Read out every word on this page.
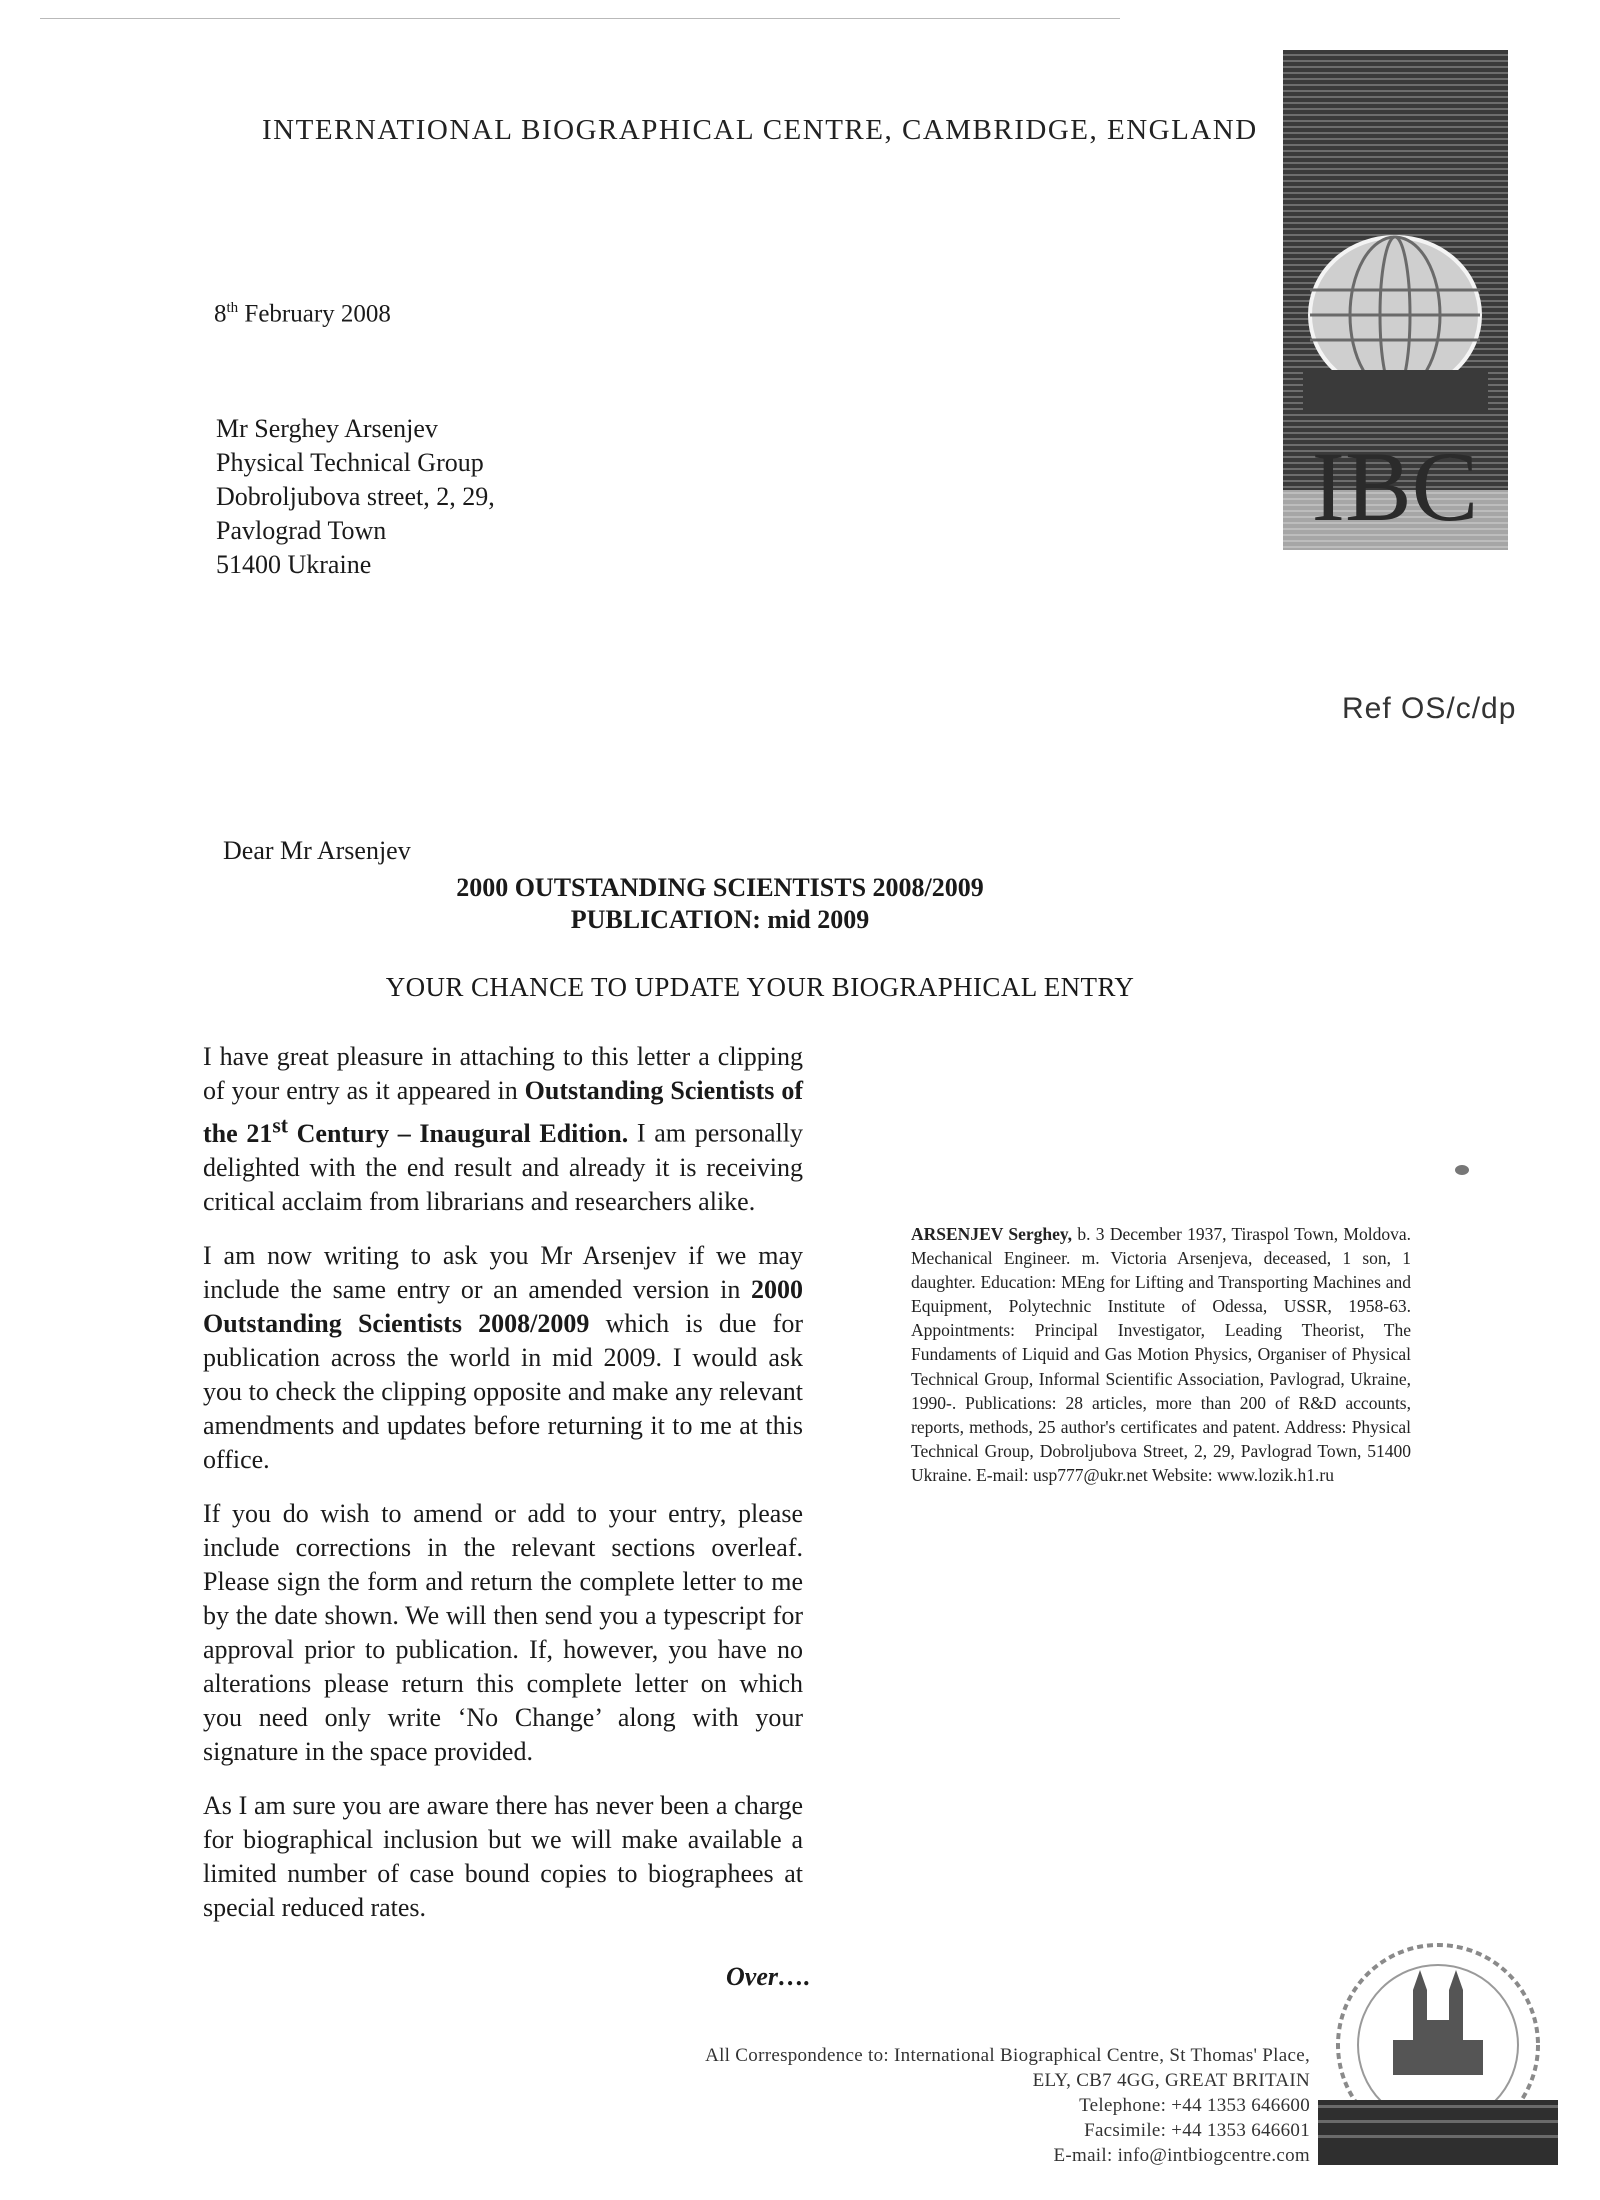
INTERNATIONAL BIOGRAPHICAL CENTRE, CAMBRIDGE, ENGLAND
8th February 2008
Mr Serghey Arsenjev
Physical Technical Group
Dobroljubova street, 2, 29,
Pavlograd Town
51400 Ukraine
IBC
Ref OS/c/dp
Dear Mr Arsenjev
2000 OUTSTANDING SCIENTISTS 2008/2009
PUBLICATION: mid 2009
YOUR CHANCE TO UPDATE YOUR BIOGRAPHICAL ENTRY

I have great pleasure in attaching to this letter a clipping of your entry as it appeared in Outstanding Scientists of the 21st Century – Inaugural Edition. I am personally delighted with the end result and already it is receiving critical acclaim from librarians and researchers alike.

I am now writing to ask you Mr Arsenjev if we may include the same entry or an amended version in 2000 Outstanding Scientists 2008/2009 which is due for publication across the world in mid 2009. I would ask you to check the clipping opposite and make any relevant amendments and updates before returning it to me at this office.

If you do wish to amend or add to your entry, please include corrections in the relevant sections overleaf. Please sign the form and return the complete letter to me by the date shown. We will then send you a typescript for approval prior to publication. If, however, you have no alterations please return this complete letter on which you need only write ‘No Change’ along with your signature in the space provided.

As I am sure you are aware there has never been a charge for biographical inclusion but we will make available a limited number of case bound copies to biographees at special reduced rates.

Over….
ARSENJEV Serghey, b. 3 December 1937, Tiraspol Town, Moldova. Mechanical Engineer. m. Victoria Arsenjeva, deceased, 1 son, 1 daughter. Education: MEng for Lifting and Transporting Machines and Equipment, Polytechnic Institute of Odessa, USSR, 1958-63. Appointments: Principal Investigator, Leading Theorist, The Fundaments of Liquid and Gas Motion Physics, Organiser of Physical Technical Group, Informal Scientific Association, Pavlograd, Ukraine, 1990-. Publications: 28 articles, more than 200 of R&D accounts, reports, methods, 25 author's certificates and patent. Address: Physical Technical Group, Dobroljubova Street, 2, 29, Pavlograd Town, 51400 Ukraine. E-mail: usp777@ukr.net Website: www.lozik.h1.ru
All Correspondence to: International Biographical Centre, St Thomas' Place,
ELY, CB7 4GG, GREAT BRITAIN
Telephone: +44 1353 646600
Facsimile: +44 1353 646601
E-mail: info@intbiogcentre.com
